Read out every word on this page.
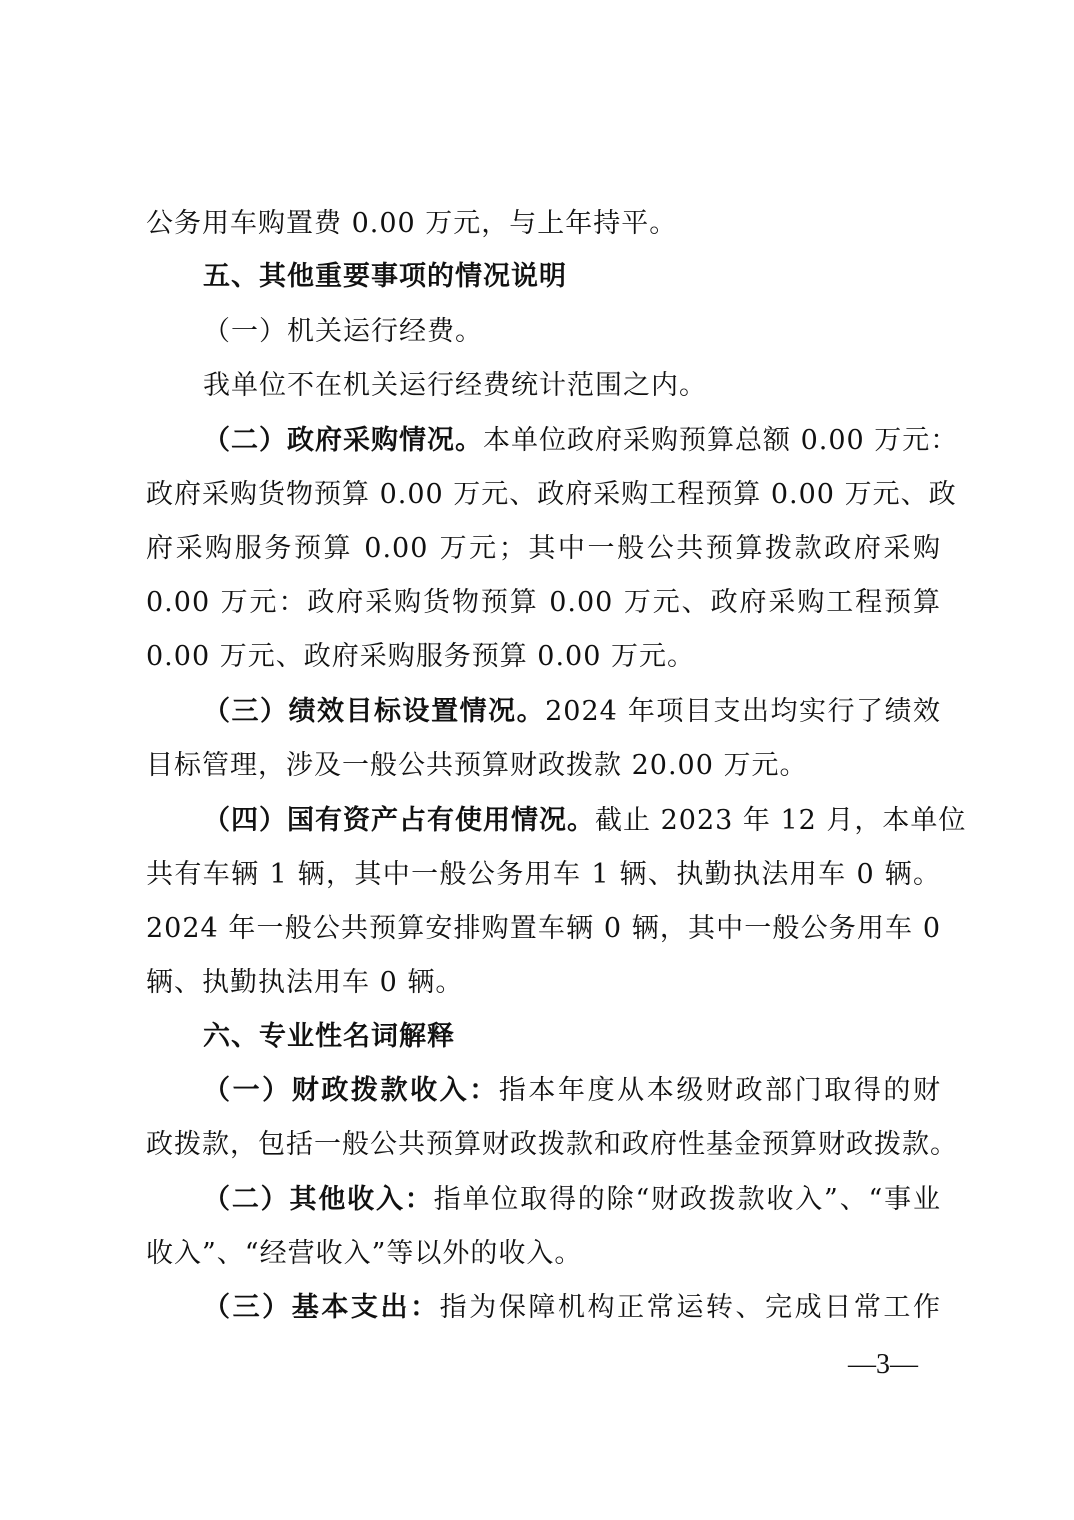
公务用车购置费 0.00 万元，与上年持平。
五、其他重要事项的情况说明
（一）机关运行经费。
我单位不在机关运行经费统计范围之内。
（二）政府采购情况。本单位政府采购预算总额 0.00 万元：
政府采购货物预算 0.00 万元、政府采购工程预算 0.00 万元、政
府采购服务预算 0.00 万元；其中一般公共预算拨款政府采购
0.00 万元：政府采购货物预算 0.00 万元、政府采购工程预算
0.00 万元、政府采购服务预算 0.00 万元。
（三）绩效目标设置情况。2024 年项目支出均实行了绩效
目标管理，涉及一般公共预算财政拨款 20.00 万元。
（四）国有资产占有使用情况。截止 2023 年 12 月，本单位
共有车辆 1 辆，其中一般公务用车 1 辆、执勤执法用车 0 辆。
2024 年一般公共预算安排购置车辆 0 辆，其中一般公务用车 0
辆、执勤执法用车 0 辆。
六、专业性名词解释
（一）财政拨款收入：指本年度从本级财政部门取得的财
政拨款，包括一般公共预算财政拨款和政府性基金预算财政拨款。
（二）其他收入：指单位取得的除“财政拨款收入”、“事业
收入”、“经营收入”等以外的收入。
（三）基本支出：指为保障机构正常运转、完成日常工作
—3—
